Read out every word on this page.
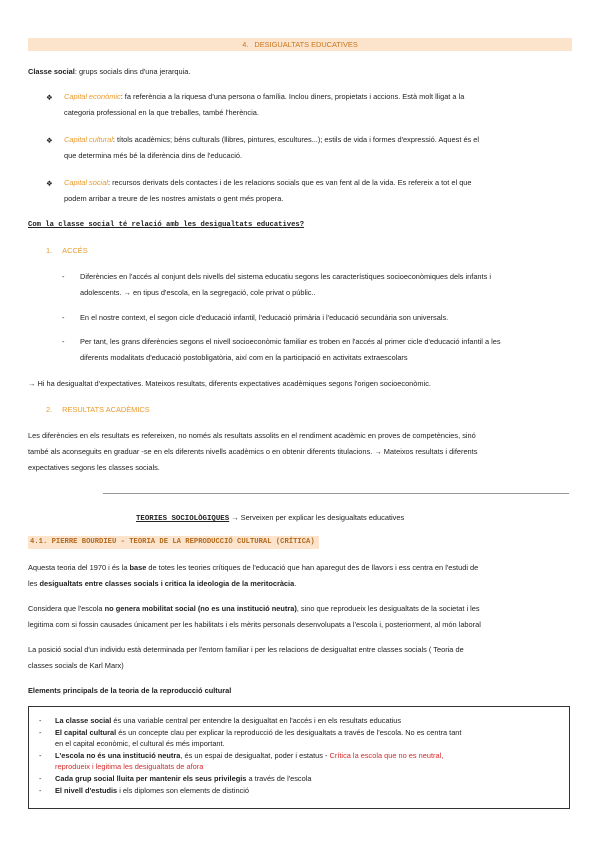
4. DESIGUALTATS EDUCATIVES
Classe social: grups socials dins d'una jerarquia.
❖	Capital econòmic: fa referència a la riquesa d'una persona o família. Inclou diners, propietats i accions. Està molt lligat a la
categoria professional en la que treballes, també l'herència.
❖	Capital cultural: títols acadèmics; béns culturals (llibres, pintures, escultures...); estils de vida i formes d'expressió. Aquest és el
que determina més bé la diferència dins de l'educació.
❖	Capital social: recursos derivats dels contactes i de les relacions socials que es van fent al de la vida. Es refereix a tot el que
podem arribar a treure de les nostres amistats o gent més propera.
Com la classe social té relació amb les desigualtats educatives?
1. ACCÉS
- Diferències en l'accés al conjunt dels nivells del sistema educatiu segons les característiques socioeconòmiques dels infants i
adolescents. → en tipus d'escola, en la segregació, cole privat o públic..
- En el nostre context, el segon cicle d'educació infantil, l'educació primària i l'educació secundària son universals.
- Per tant, les grans diferències segons el nivell socioeconòmic familiar es troben en l'accés al primer cicle d'educació infantil a les
diferents modalitats d'educació postobligatòria, així com en la participació en activitats extraescolars
→ Hi ha desigualtat d'expectatives. Mateixos resultats, diferents expectatives acadèmiques segons l'origen socioeconòmic.
2. RESULTATS ACADÈMICS
Les diferències en els resultats es refereixen, no només als resultats assolits en el rendiment acadèmic en proves de competències, sinó
també als aconseguits en graduar -se en els diferents nivells acadèmics o en obtenir diferents titulacions. → Mateixos resultats i diferents
expectatives segons les classes socials.
TEORIES SOCIOLÒGIQUES → Serveixen per explicar les desigualtats educatives
4.1. PIERRE BOURDIEU - TEORIA DE LA REPRODUCCIÓ CULTURAL (CRÍTICA)
Aquesta teoria del 1970 i és la base de totes les teories crítiques de l'educació que han aparegut des de llavors i ess centra en l'estudi de
les desigualtats entre classes socials i critica la ideologia de la meritocràcia.
Considera que l'escola no genera mobilitat social (no es una institució neutra), sino que reprodueix les desigualtats de la societat i les
legitima com si fossin causades únicament per les habilitats i els mèrits personals desenvolupats a l'escola i, posteriorment, al món laboral
La posició social d'un individu està determinada per l'entorn familiar i per les relacions de desigualtat entre classes socials ( Teoria de
classes socials de Karl Marx)
Elements principals de la teoria de la reproducció cultural
- La classe social és una variable central per entendre la desigualtat en l'accés i en els resultats educatius
- El capital cultural és un concepte clau per explicar la reproducció de les desigualtats a través de l'escola. No es centra tant
en el capital econòmic, el cultural és més important.
- L'escola no és una institució neutra, és un espai de desigualtat, poder i estatus - Crítica la escola que no es neutral,
reprodueix i legitima les desigualtats de afora
- Cada grup social lluita per mantenir els seus privilegis a través de l'escola
- El nivell d'estudis i els diplomes son elements de distinció
